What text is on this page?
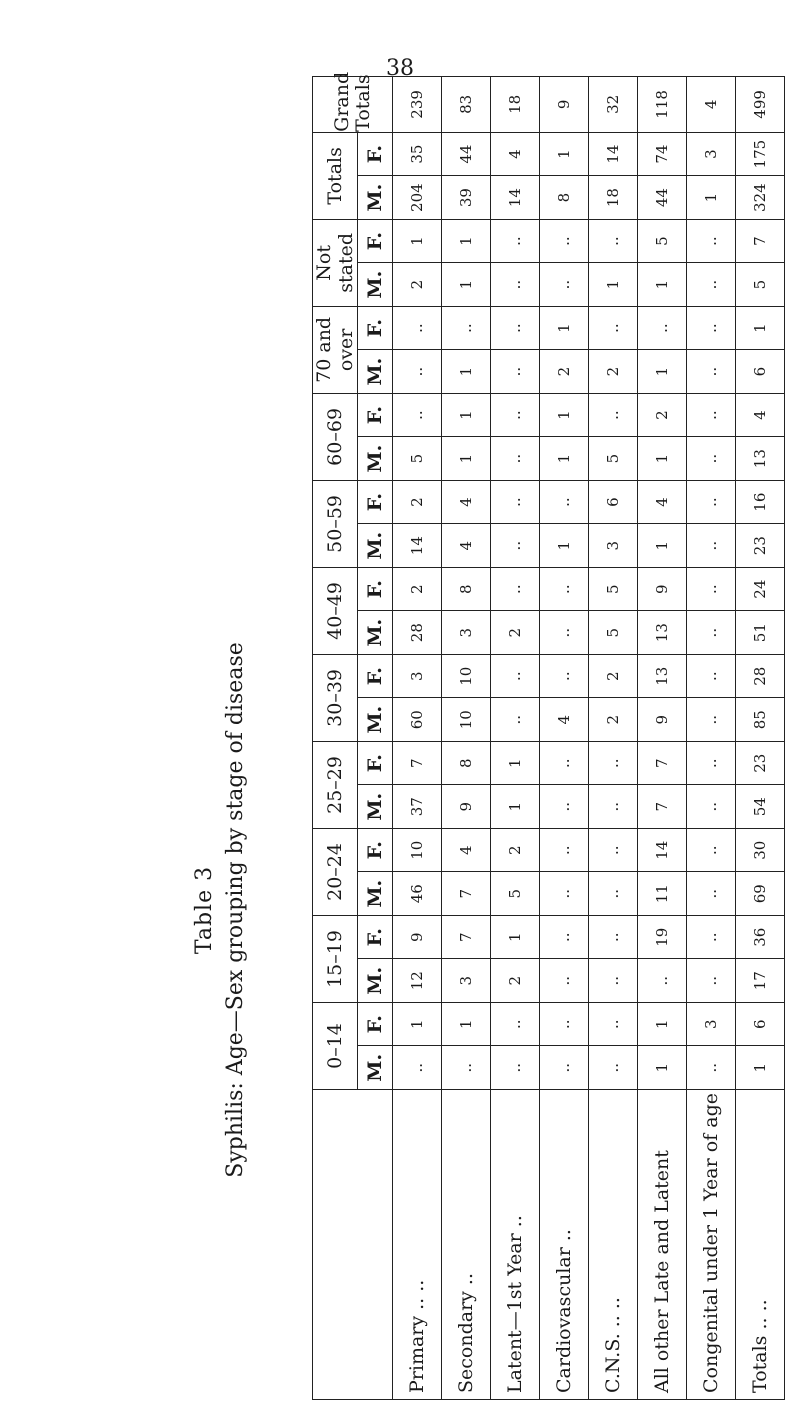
38
Table 3 Syphilis: Age—Sex grouping by stage of disease
		0–14		15–19		20–24		25–29		30–39		40–49		50–59		60–69		70 and over		Not stated		Totals		Grand Totals
	M.	F.	M.	F.	M.	F.	M.	F.	M.	F.	M.	F.	M.	F.	M.	F.	M.	F.	M.	F.	M.	F.	
Primary .. ..	..	1	12	9	46	10	37	7	60	3	28	2	14	2	5	..	..	..	2	1	204	35	239
Secondary ..	..	1	3	7	7	4	9	8	10	10	3	8	4	4	1	1	1	..	1	1	39	44	83
Latent—1st Year ..	..	..	2	1	5	2	1	1	..	..	2	..	..	..	..	..	..	..	..	..	14	4	18
Cardiovascular ..	..	..	..	..	..	..	..	..	4	..	..	..	1	..	1	1	2	1	..	..	8	1	9
C.N.S. .. ..	..	..	..	..	..	..	..	..	2	2	5	5	3	6	5	..	2	..	1	..	18	14	32
All other Late and Latent	1	1	..	19	11	14	7	7	9	13	13	9	1	4	1	2	1	..	1	5	44	74	118
Congenital under 1 Year of age	..	3	..	..	..	..	..	..	..	..	..	..	..	..	..	..	..	..	..	..	1	3	4
Totals .. ..	1	6	17	36	69	30	54	23	85	28	51	24	23	16	13	4	6	1	5	7	324	175	499
